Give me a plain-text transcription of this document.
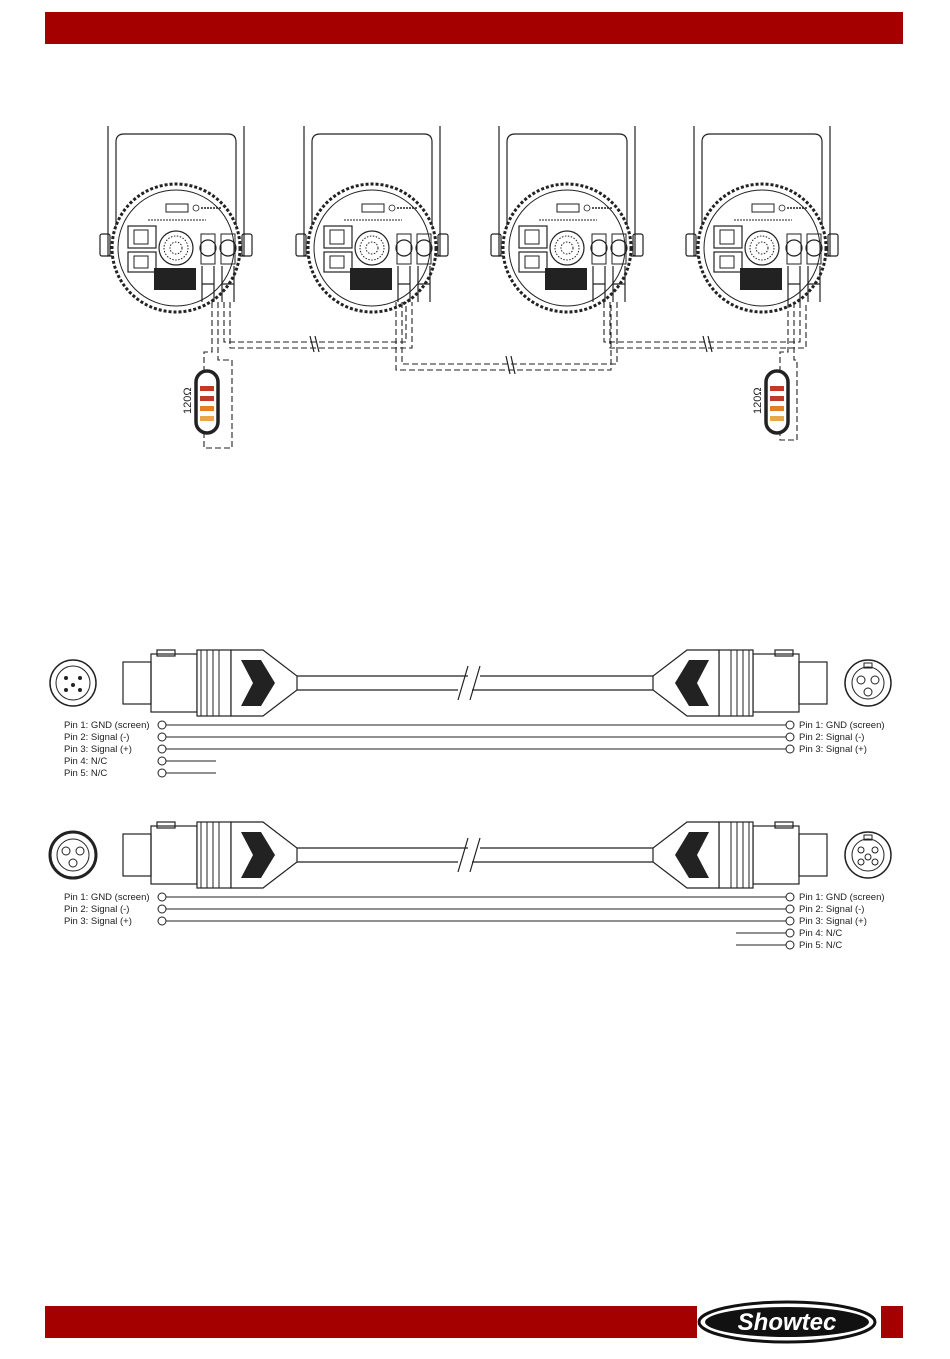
120Ω	120Ω
Pin 1: GND (screen)
Pin 2: Signal (-)
Pin 3: Signal (+)
Pin 4: N/C
Pin 5: N/C
Pin 1: GND (screen)
Pin 2: Signal (-)
Pin 3: Signal (+)
Pin 1: GND (screen)
Pin 2: Signal (-)
Pin 3: Signal (+)
Pin 1: GND (screen)
Pin 2: Signal (-)
Pin 3: Signal (+)
Pin 4: N/C
Pin 5: N/C
Showtec
